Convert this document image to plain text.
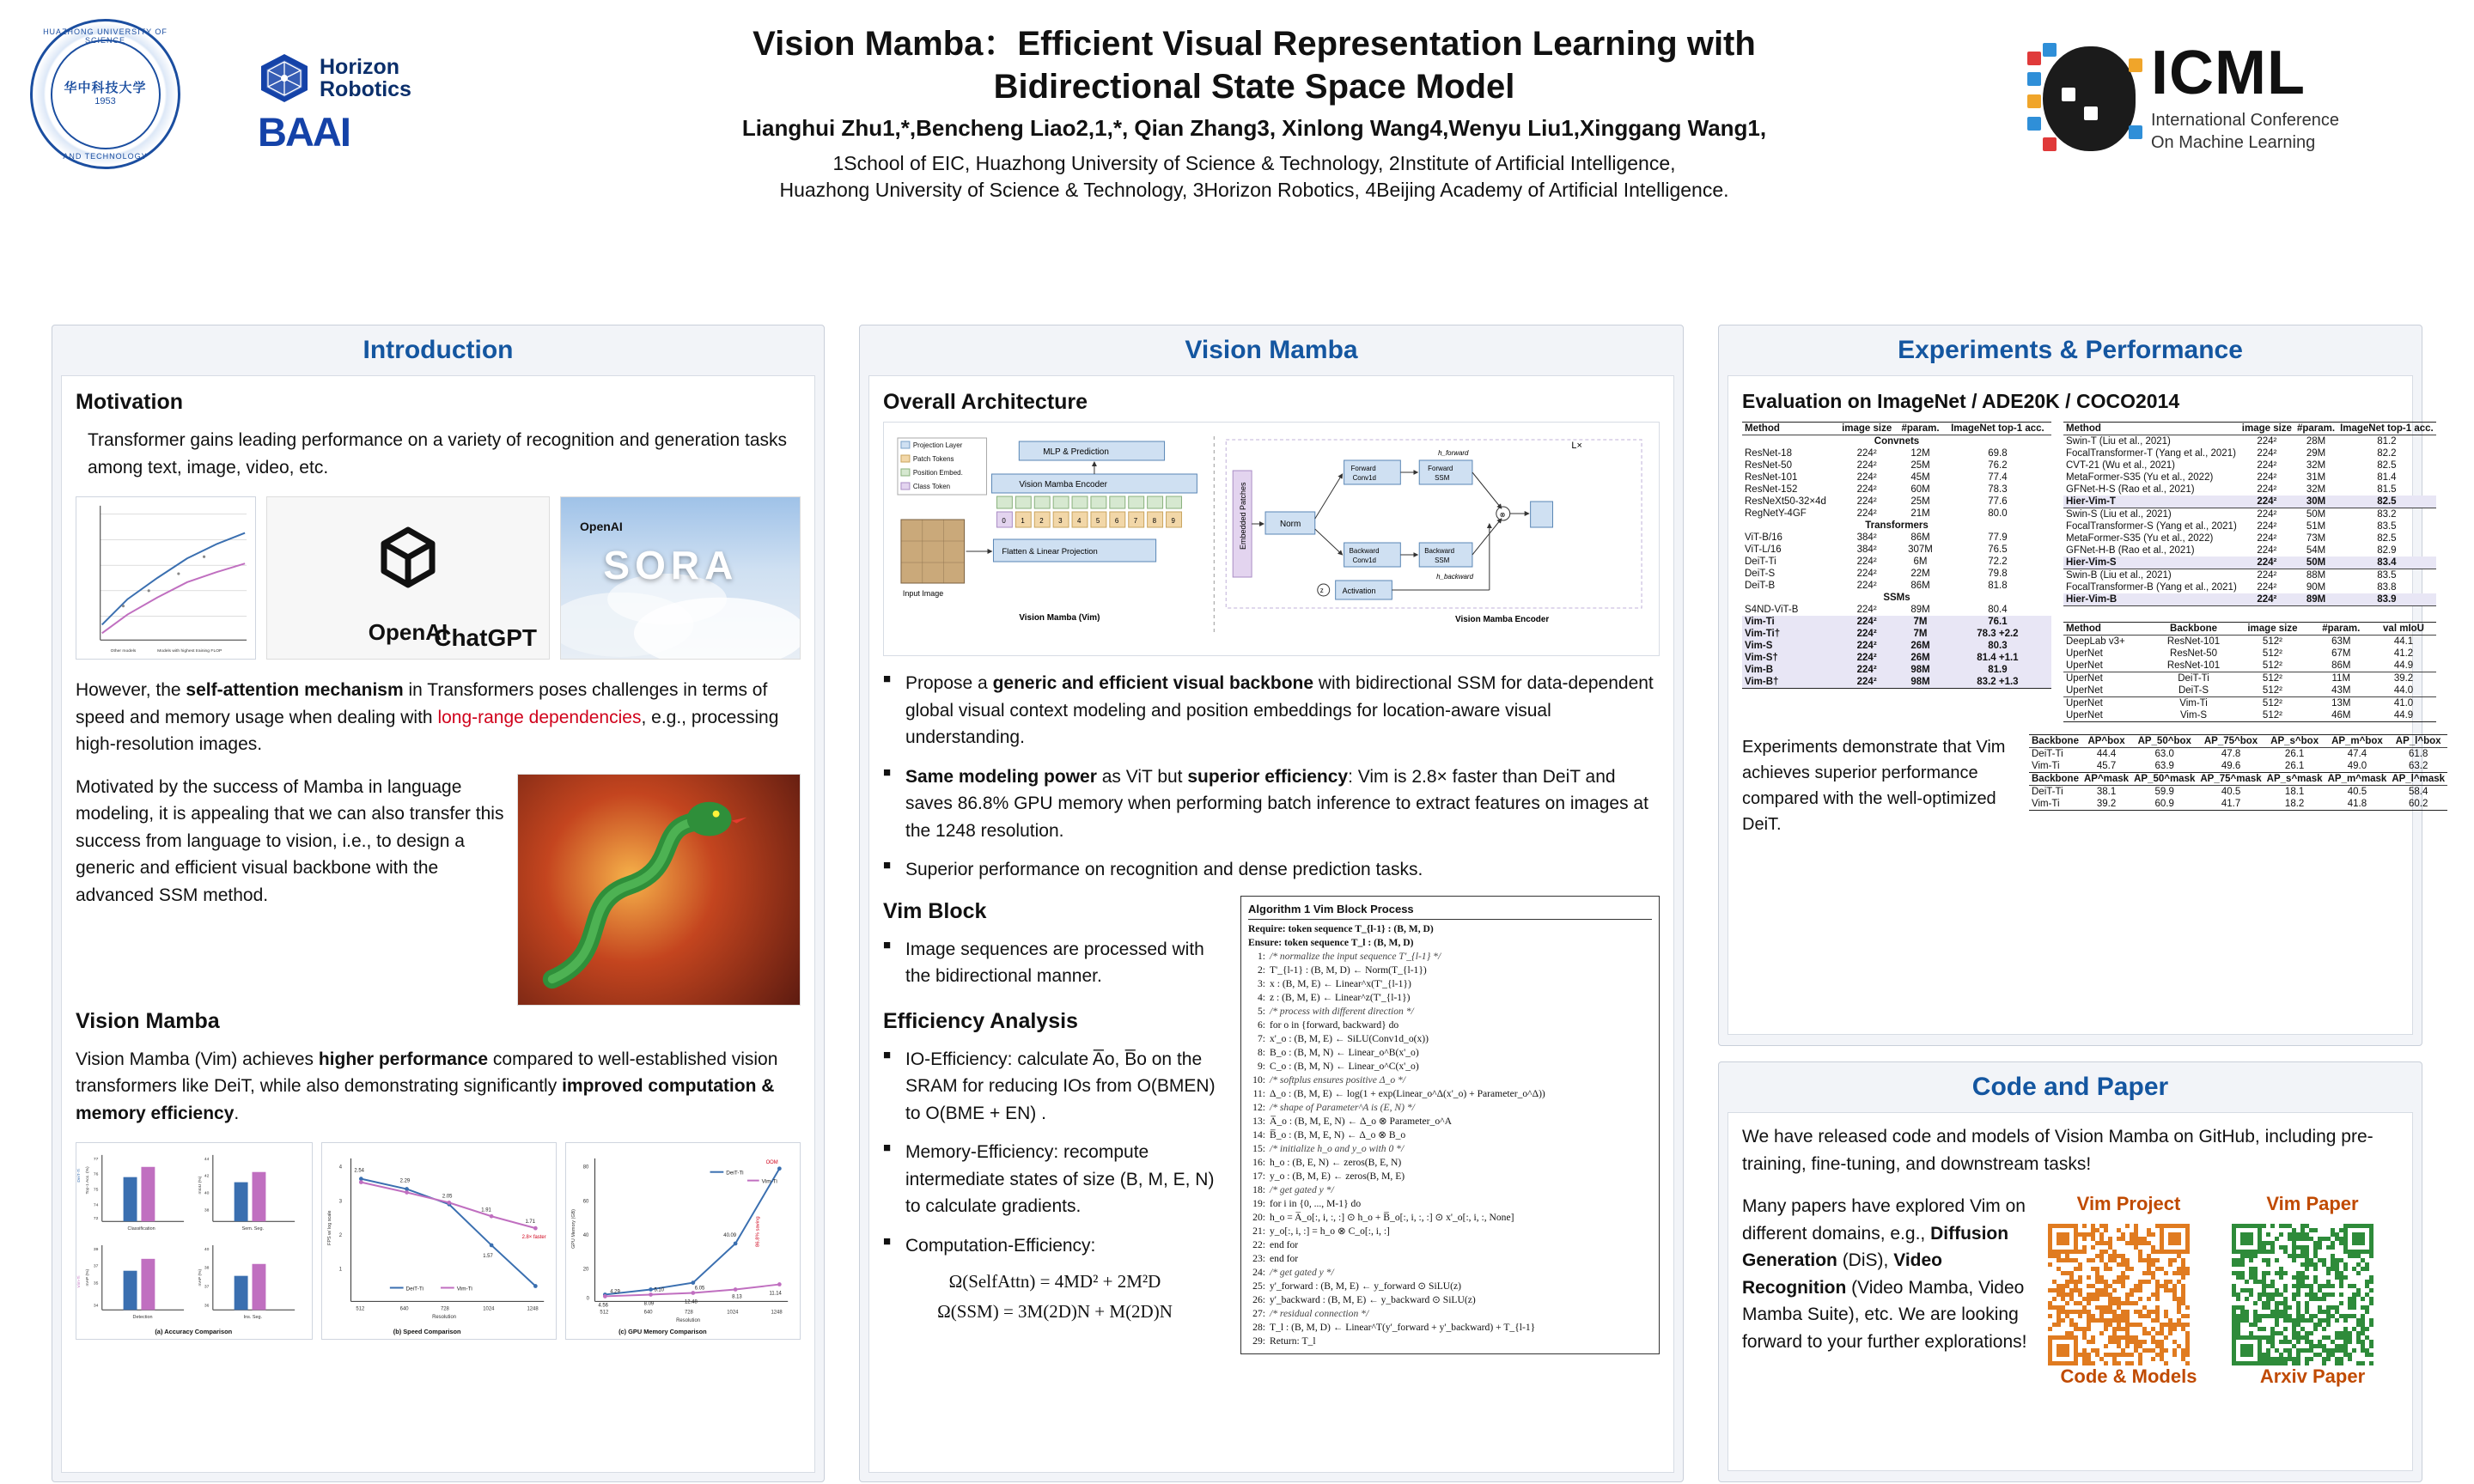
HUAZHONG UNIVERSITY OF SCIENCE
华中科技大学
1953
AND TECHNOLOGY
Horizon
Robotics
BAAI
Vision Mamba：Efficient Visual Representation Learning with
Bidirectional State Space Model

Lianghui Zhu1,*,Bencheng Liao2,1,*, Qian Zhang3, Xinlong Wang4,Wenyu Liu1,Xinggang Wang1,

1School of EIC, Huazhong University of Science & Technology, 2Institute of Artificial Intelligence,
Huazhong University of Science & Technology, 3Horizon Robotics, 4Beijing Academy of Artificial Intelligence.

ICML
International Conference
On Machine Learning
Introduction
Motivation

Transformer gains leading performance on a variety of recognition and generation tasks among text, image, video, etc.

Other models	Models with highest training FLOP
OpenAI
ChatGPT
OpenAI
SORA

However, the self-attention mechanism in Transformers poses challenges in terms of speed and memory usage when dealing with long-range dependencies, e.g., processing high-resolution images.

Motivated by the success of Mamba in language modeling, it is appealing that we can also transfer this success from language to vision, i.e., to design a generic and efficient visual backbone with the advanced SSM method.

Vision Mamba

Vision Mamba (Vim) achieves higher performance compared to well-established vision transformers like DeiT, while also demonstrating significantly improved computation & memory efficiency.

Top-1 Acc. (%)
Classification
77
76
75
74
72
mIoU (%)
Sem. Seg.
44
42
40
38
mAP (%)
Detection
39
37
35
34
mAP (%)
Ins. Seg.
40
38
37
36
DeiT-Ti
Vim-Ti
(a) Accuracy Comparison
2.54
2.29
2.05
1.57
1.91
1.71
2.8× faster
512	640	728	1024	1248
4
3
2
1
FPS w/ log scale
Resolution
DeiT-Ti	Vim-Ti
(b) Speed Comparison
OOM
40.09
4.56	8.09	12.48
4.29	5.10	6.05
8.13
11.14
86.8% saving
512	640	728	1024	1248
80
60
40
20
0
GPU Memory (GB)
Resolution
DeiT-Ti
Vim-Ti
(c) GPU Memory Comparison
Vision Mamba
Overall Architecture
Projection Layer
Patch Tokens
Position Embed.
Class Token
Input Image
Flatten & Linear Projection
0 1 2 3 4 5 6 7 8 9
Vision Mamba Encoder
MLP & Prediction
Vision Mamba (Vim)
Embedded Patches	Norm
Forward
Conv1d
Backward
Conv1d
Forward
SSM
Backward
SSM
h_forward
h_backward
Activation
z
⊗
L×
Vision Mamba Encoder
■ Propose a generic and efficient visual backbone with bidirectional SSM for data-dependent global visual context modeling and position embeddings for location-aware visual understanding.
■ Same modeling power as ViT but superior efficiency: Vim is 2.8× faster than DeiT and saves 86.8% GPU memory when performing batch inference to extract features on images at the 1248 resolution.
■ Superior performance on recognition and dense prediction tasks.
Vim Block
■ Image sequences are processed with the bidirectional manner.
Efficiency Analysis
■ IO-Efficiency: calculate A̅o, B̅o on the SRAM for reducing IOs from O(BMEN) to O(BME + EN) .
■ Memory-Efficiency: recompute intermediate states of size (B, M, E, N) to calculate gradients.
■ Computation-Efficiency:
Ω(SelfAttn) = 4MD² + 2M²D
Ω(SSM) = 3M(2D)N + M(2D)N
Algorithm 1 Vim Block Process
Require: token sequence T_{l-1} : (B, M, D)
Ensure: token sequence T_l : (B, M, D)
1: /* normalize the input sequence T'_{l-1} */
2: T'_{l-1} : (B, M, D) ← Norm(T_{l-1})
3: x : (B, M, E) ← Linear^x(T'_{l-1})
4: z : (B, M, E) ← Linear^z(T'_{l-1})
5: /* process with different direction */
6: for o in {forward, backward} do
7: x'_o : (B, M, E) ← SiLU(Conv1d_o(x))
8: B_o : (B, M, N) ← Linear_o^B(x'_o)
9: C_o : (B, M, N) ← Linear_o^C(x'_o)
10: /* softplus ensures positive Δ_o */
11: Δ_o : (B, M, E) ← log(1 + exp(Linear_o^Δ(x'_o) + Parameter_o^Δ))
12: /* shape of Parameter^A is (E, N) */
13: A̅_o : (B, M, E, N) ← Δ_o ⊗ Parameter_o^A
14: B̅_o : (B, M, E, N) ← Δ_o ⊗ B_o
15: /* initialize h_o and y_o with 0 */
16: h_o : (B, E, N) ← zeros(B, E, N)
17: y_o : (B, M, E) ← zeros(B, M, E)
18: /* get gated y */
19: for i in {0, ..., M-1} do
20: h_o = A̅_o[:, i, :, :] ⊙ h_o + B̅_o[:, i, :, :] ⊙ x'_o[:, i, :, None]
21: y_o[:, i, :] = h_o ⊗ C_o[:, i, :]
22: end for
23: end for
24: /* get gated y */
25: y'_forward : (B, M, E) ← y_forward ⊙ SiLU(z)
26: y'_backward : (B, M, E) ← y_backward ⊙ SiLU(z)
27: /* residual connection */
28: T_l : (B, M, D) ← Linear^T(y'_forward + y'_backward) + T_{l-1}
29: Return: T_l
Experiments & Performance
Evaluation on ImageNet / ADE20K / COCO2014
Method	image size	#param.	ImageNet top-1 acc.
Convnets			
ResNet-18	224²	12M	69.8
ResNet-50	224²	25M	76.2
ResNet-101	224²	45M	77.4
ResNet-152	224²	60M	78.3
ResNeXt50-32×4d	224²	25M	77.6
RegNetY-4GF	224²	21M	80.0
Transformers			
ViT-B/16	384²	86M	77.9
ViT-L/16	384²	307M	76.5
DeiT-Ti	224²	6M	72.2
DeiT-S	224²	22M	79.8
DeiT-B	224²	86M	81.8
SSMs			
S4ND-ViT-B	224²	89M	80.4
Vim-Ti	224²	7M	76.1
Vim-Ti†	224²	7M	78.3 +2.2
Vim-S	224²	26M	80.3
Vim-S†	224²	26M	81.4 +1.1
Vim-B	224²	98M	81.9
Vim-B†	224²	98M	83.2 +1.3
Method	image size	#param.	ImageNet top-1 acc.
Swin-T (Liu et al., 2021)	224²	28M	81.2
FocalTransformer-T (Yang et al., 2021)	224²	29M	82.2
CVT-21 (Wu et al., 2021)	224²	32M	82.5
MetaFormer-S35 (Yu et al., 2022)	224²	31M	81.4
GFNet-H-S (Rao et al., 2021)	224²	32M	81.5
Hier-Vim-T	224²	30M	82.5
Swin-S (Liu et al., 2021)	224²	50M	83.2
FocalTransformer-S (Yang et al., 2021)	224²	51M	83.5
MetaFormer-S35 (Yu et al., 2022)	224²	73M	82.5
GFNet-H-B (Rao et al., 2021)	224²	54M	82.9
Hier-Vim-S	224²	50M	83.4
Swin-B (Liu et al., 2021)	224²	88M	83.5
FocalTransformer-B (Yang et al., 2021)	224²	90M	83.8
Hier-Vim-B	224²	89M	83.9
Method	Backbone	image size	#param.	val mIoU
DeepLab v3+	ResNet-101	512²	63M	44.1
UperNet	ResNet-50	512²	67M	41.2
UperNet	ResNet-101	512²	86M	44.9
UperNet	DeiT-Ti	512²	11M	39.2
UperNet	DeiT-S	512²	43M	44.0
UperNet	Vim-Ti	512²	13M	41.0
UperNet	Vim-S	512²	46M	44.9

Experiments demonstrate that Vim achieves superior performance compared with the well-optimized DeiT.

Backbone	AP^box	AP_50^box	AP_75^box	AP_s^box	AP_m^box	AP_l^box
DeiT-Ti	44.4	63.0	47.8	26.1	47.4	61.8
Vim-Ti	45.7	63.9	49.6	26.1	49.0	63.2
Backbone	AP^mask	AP_50^mask	AP_75^mask	AP_s^mask	AP_m^mask	AP_l^mask
DeiT-Ti	38.1	59.9	40.5	18.1	40.5	58.4
Vim-Ti	39.2	60.9	41.7	18.2	41.8	60.2
Code and Paper

We have released code and models of Vision Mamba on GitHub, including pre-training, fine-tuning, and downstream tasks!

Many papers have explored Vim on different domains, e.g., Diffusion Generation (DiS), Video Recognition (Video Mamba, Video Mamba Suite), etc. We are looking forward to your further explorations!

Vim Project
Code & Models
Vim Paper
Arxiv Paper
